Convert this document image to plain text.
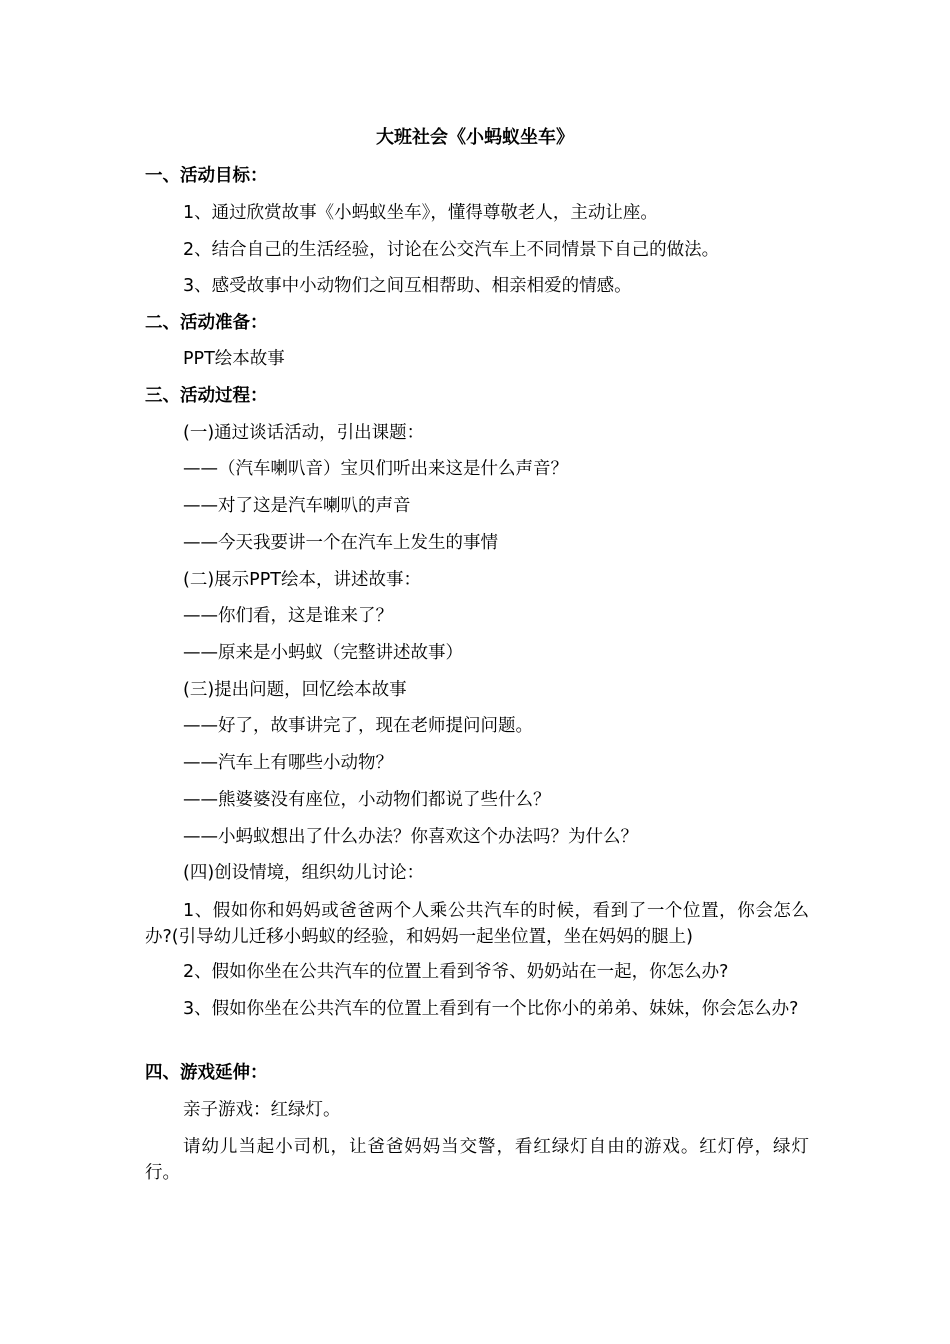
大班社会《小蚂蚁坐车》
一、活动目标：
1、通过欣赏故事《小蚂蚁坐车》，懂得尊敬老人，主动让座。
2、结合自己的生活经验，讨论在公交汽车上不同情景下自己的做法。
3、感受故事中小动物们之间互相帮助、相亲相爱的情感。
二、活动准备：
PPT绘本故事
三、活动过程：
(一)通过谈话活动，引出课题：
——（汽车喇叭音）宝贝们听出来这是什么声音？
——对了这是汽车喇叭的声音
——今天我要讲一个在汽车上发生的事情
(二)展示PPT绘本，讲述故事：
——你们看，这是谁来了？
——原来是小蚂蚁（完整讲述故事）
(三)提出问题，回忆绘本故事
——好了，故事讲完了，现在老师提问问题。
——汽车上有哪些小动物？
——熊婆婆没有座位，小动物们都说了些什么？
——小蚂蚁想出了什么办法？你喜欢这个办法吗？为什么？
(四)创设情境，组织幼儿讨论：
1、假如你和妈妈或爸爸两个人乘公共汽车的时候，看到了一个位置，你会怎么办?(引导幼儿迁移小蚂蚁的经验，和妈妈一起坐位置，坐在妈妈的腿上)
2、假如你坐在公共汽车的位置上看到爷爷、奶奶站在一起，你怎么办?
3、假如你坐在公共汽车的位置上看到有一个比你小的弟弟、妹妹，你会怎么办?
四、游戏延伸：
亲子游戏：红绿灯。
请幼儿当起小司机，让爸爸妈妈当交警，看红绿灯自由的游戏。红灯停，绿灯行。
